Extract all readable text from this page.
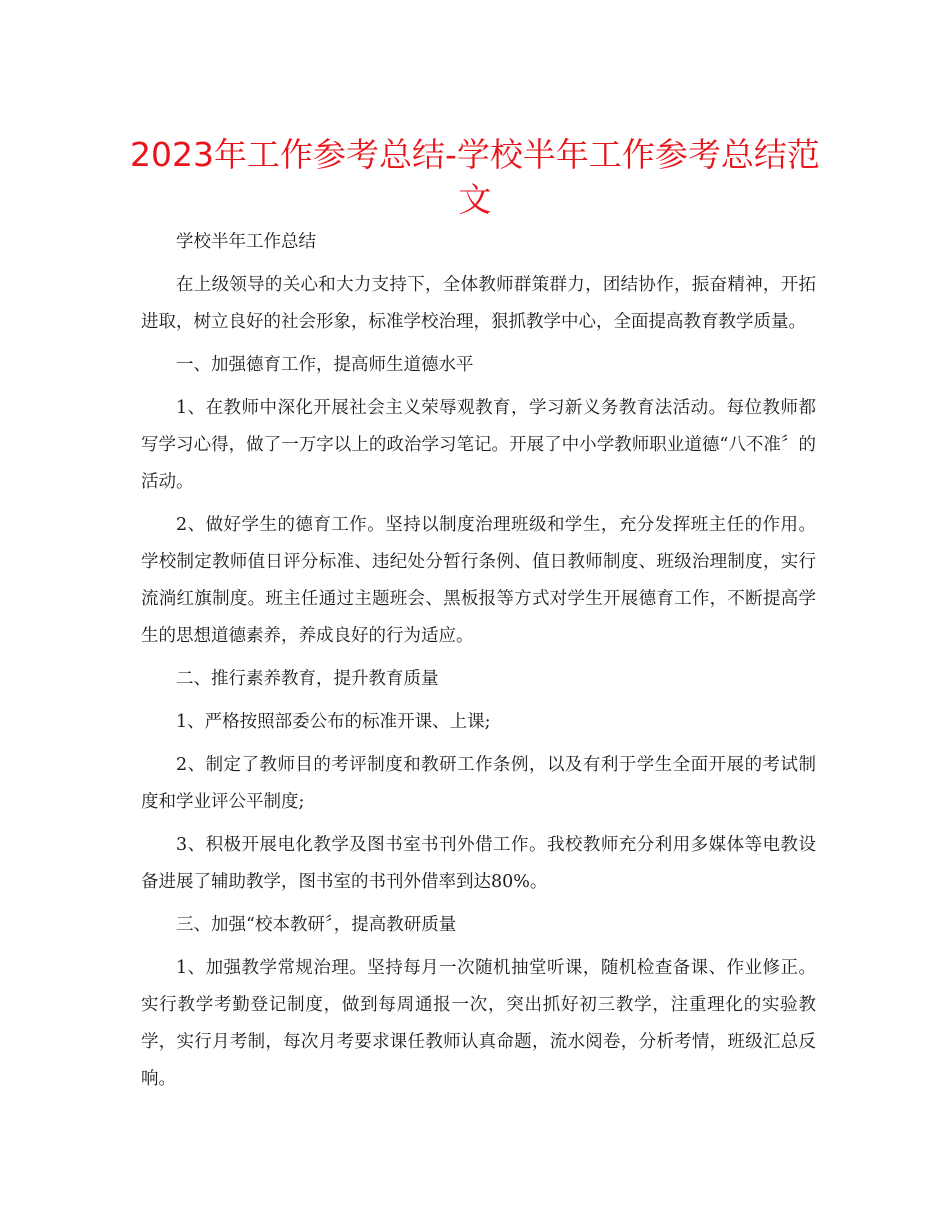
2023年工作参考总结-学校半年工作参考总结范文

学校半年工作总结

在上级领导的关心和大力支持下，全体教师群策群力，团结协作，振奋精神，开拓进取，树立良好的社会形象，标准学校治理，狠抓教学中心，全面提高教育教学质量。

一、加强德育工作，提高师生道德水平

1、在教师中深化开展社会主义荣辱观教育，学习新义务教育法活动。每位教师都写学习心得，做了一万字以上的政治学习笔记。开展了中小学教师职业道德“八不准〞的活动。

2、做好学生的德育工作。坚持以制度治理班级和学生，充分发挥班主任的作用。学校制定教师值日评分标准、违纪处分暂行条例、值日教师制度、班级治理制度，实行流淌红旗制度。班主任通过主题班会、黑板报等方式对学生开展德育工作，不断提高学生的思想道德素养，养成良好的行为适应。

二、推行素养教育，提升教育质量

1、严格按照部委公布的标准开课、上课;

2、制定了教师目的考评制度和教研工作条例，以及有利于学生全面开展的考试制度和学业评公平制度;

3、积极开展电化教学及图书室书刊外借工作。我校教师充分利用多媒体等电教设备进展了辅助教学，图书室的书刊外借率到达80%。

三、加强“校本教研〞，提高教研质量

1、加强教学常规治理。坚持每月一次随机抽堂听课，随机检查备课、作业修正。实行教学考勤登记制度，做到每周通报一次，突出抓好初三教学，注重理化的实验教学，实行月考制，每次月考要求课任教师认真命题，流水阅卷，分析考情，班级汇总反响。
